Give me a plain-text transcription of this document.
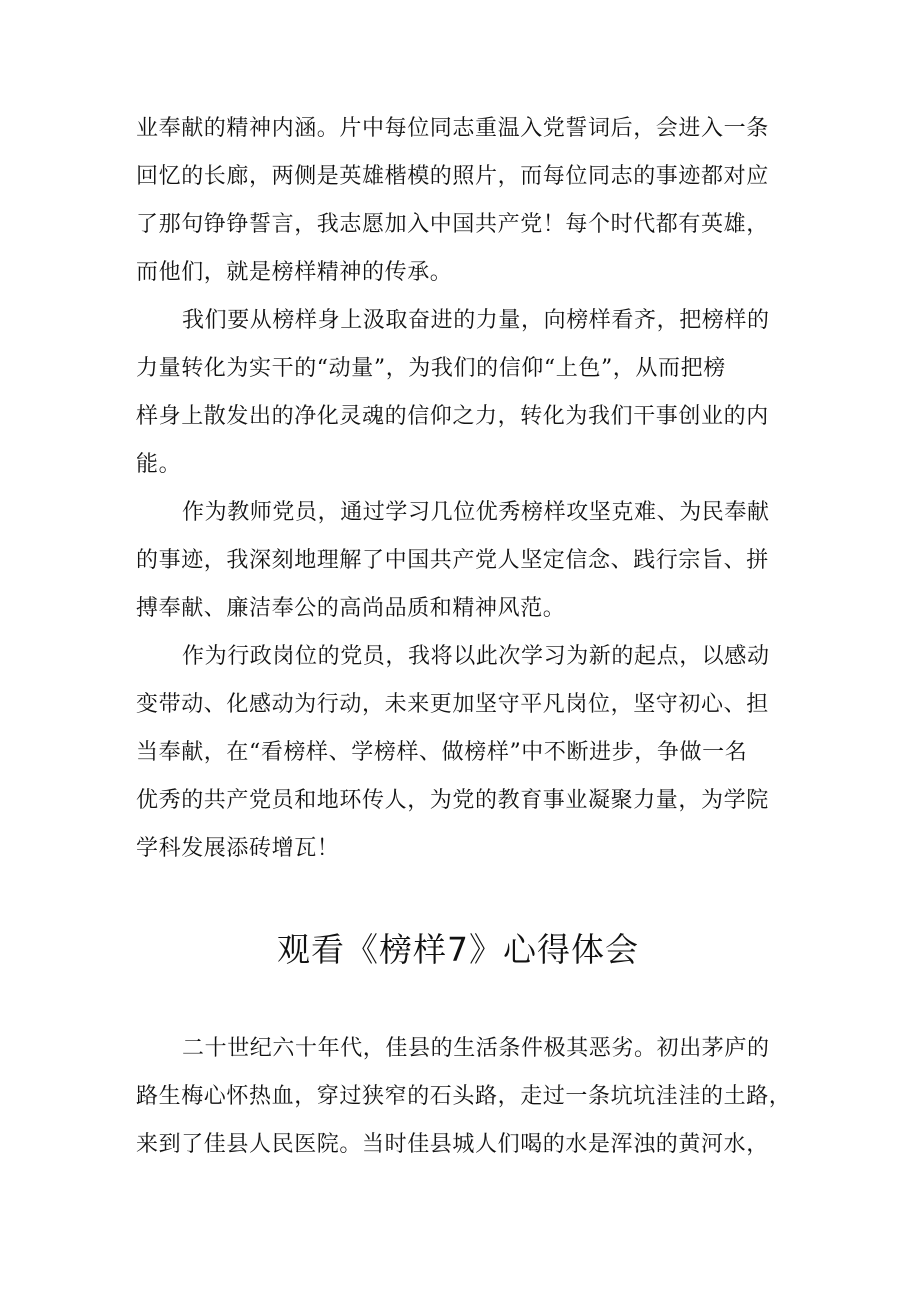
业奉献的精神内涵。片中每位同志重温入党誓词后，会进入一条
回忆的长廊，两侧是英雄楷模的照片，而每位同志的事迹都对应
了那句铮铮誓言，我志愿加入中国共产党！每个时代都有英雄，
而他们，就是榜样精神的传承。
我们要从榜样身上汲取奋进的力量，向榜样看齐，把榜样的
力量转化为实干的“动量”，为我们的信仰“上色”，从而把榜
样身上散发出的净化灵魂的信仰之力，转化为我们干事创业的内
能。
作为教师党员，通过学习几位优秀榜样攻坚克难、为民奉献
的事迹，我深刻地理解了中国共产党人坚定信念、践行宗旨、拼
搏奉献、廉洁奉公的高尚品质和精神风范。
作为行政岗位的党员，我将以此次学习为新的起点，以感动
变带动、化感动为行动，未来更加坚守平凡岗位，坚守初心、担
当奉献，在“看榜样、学榜样、做榜样”中不断进步，争做一名
优秀的共产党员和地环传人，为党的教育事业凝聚力量，为学院
学科发展添砖增瓦！
观看《榜样7》心得体会
二十世纪六十年代，佳县的生活条件极其恶劣。初出茅庐的
路生梅心怀热血，穿过狭窄的石头路，走过一条坑坑洼洼的土路，
来到了佳县人民医院。当时佳县城人们喝的水是浑浊的黄河水，
